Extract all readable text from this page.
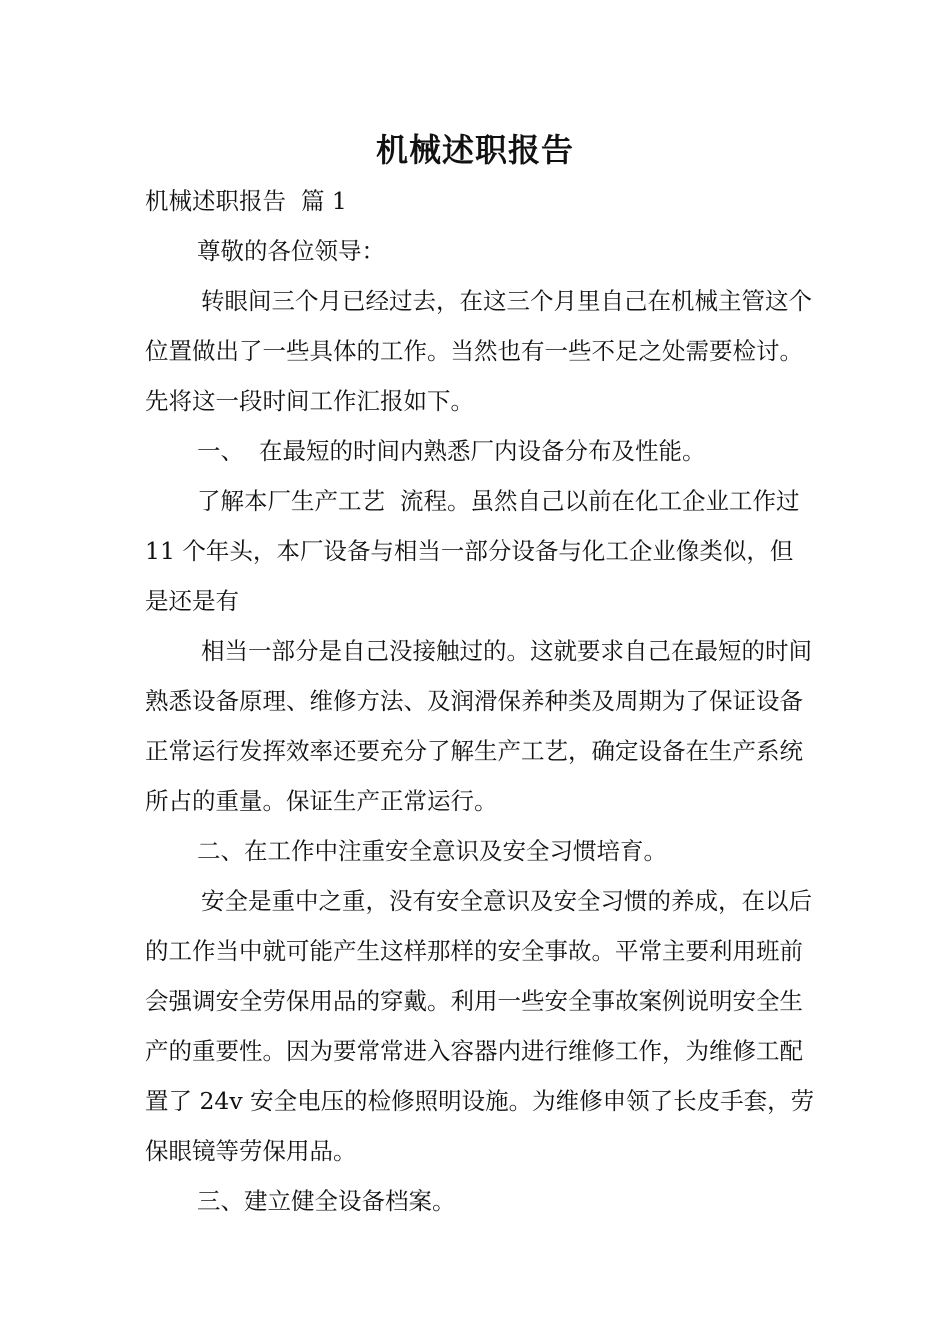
机械述职报告

机械述职报告  篇 1

尊敬的各位领导：

转眼间三个月已经过去，在这三个月里自己在机械主管这个位置做出了一些具体的工作。当然也有一些不足之处需要检讨。先将这一段时间工作汇报如下。

一、  在最短的时间内熟悉厂内设备分布及性能。

了解本厂生产工艺  流程。虽然自己以前在化工企业工作过 11 个年头，本厂设备与相当一部分设备与化工企业像类似，但是还是有

相当一部分是自己没接触过的。这就要求自己在最短的时间熟悉设备原理、维修方法、及润滑保养种类及周期为了保证设备正常运行发挥效率还要充分了解生产工艺，确定设备在生产系统所占的重量。保证生产正常运行。

二、在工作中注重安全意识及安全习惯培育。

安全是重中之重，没有安全意识及安全习惯的养成，在以后的工作当中就可能产生这样那样的安全事故。平常主要利用班前会强调安全劳保用品的穿戴。利用一些安全事故案例说明安全生产的重要性。因为要常常进入容器内进行维修工作，为维修工配置了 24v 安全电压的检修照明设施。为维修申领了长皮手套，劳保眼镜等劳保用品。

三、建立健全设备档案。
